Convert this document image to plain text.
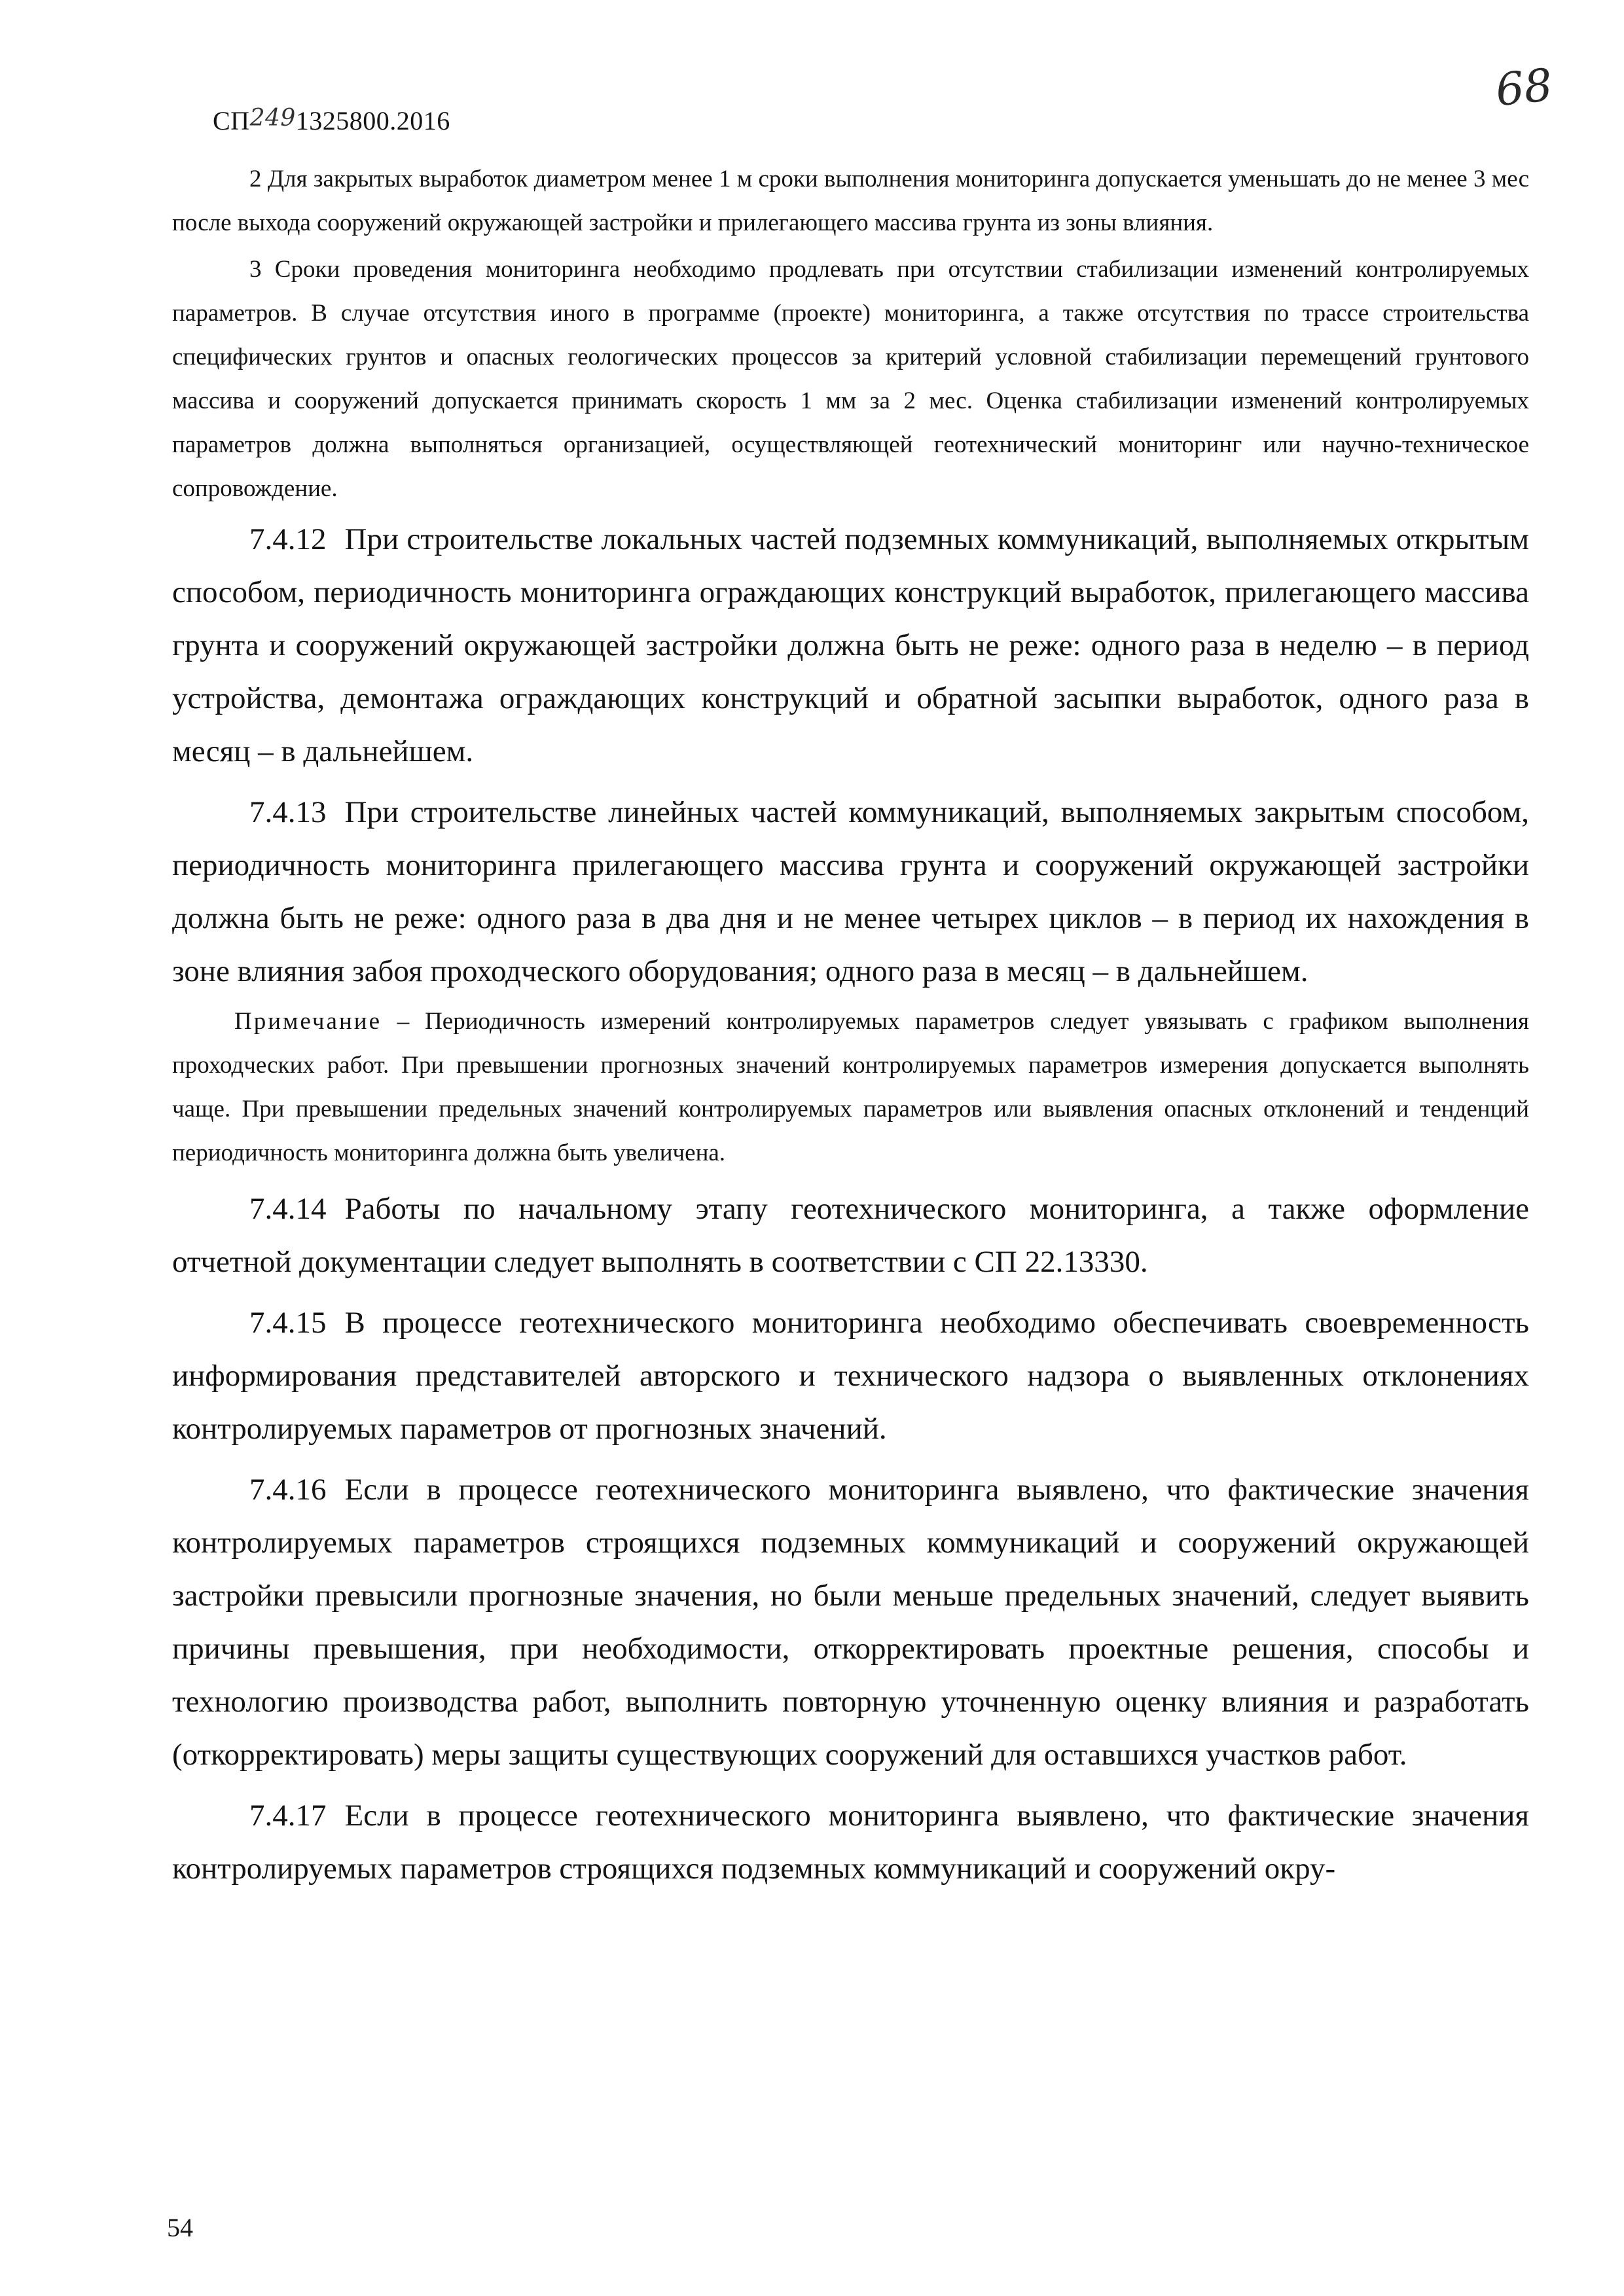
СП2491325800.2016
68

2 Для закрытых выработок диаметром менее 1 м сроки выполнения мониторинга допускается уменьшать до не менее 3 мес после выхода сооружений окружающей застройки и прилегающего массива грунта из зоны влияния.

3 Сроки проведения мониторинга необходимо продлевать при отсутствии стабилизации изменений контролируемых параметров. В случае отсутствия иного в программе (проекте) мониторинга, а также отсутствия по трассе строительства специфических грунтов и опасных геологических процессов за критерий условной стабилизации перемещений грунтового массива и сооружений допускается принимать скорость 1 мм за 2 мес. Оценка стабилизации изменений контролируемых параметров должна выполняться организацией, осуществляющей геотехнический мониторинг или научно-техническое сопровождение.

7.4.12 При строительстве локальных частей подземных коммуникаций, выполняемых открытым способом, периодичность мониторинга ограждающих конструкций выработок, прилегающего массива грунта и сооружений окружающей застройки должна быть не реже: одного раза в неделю – в период устройства, демонтажа ограждающих конструкций и обратной засыпки выработок, одного раза в месяц – в дальнейшем.

7.4.13 При строительстве линейных частей коммуникаций, выполняемых закрытым способом, периодичность мониторинга прилегающего массива грунта и сооружений окружающей застройки должна быть не реже: одного раза в два дня и не менее четырех циклов – в период их нахождения в зоне влияния забоя проходческого оборудования; одного раза в месяц – в дальнейшем.

Примечание – Периодичность измерений контролируемых параметров следует увязывать с графиком выполнения проходческих работ. При превышении прогнозных значений контролируемых параметров измерения допускается выполнять чаще. При превышении предельных значений контролируемых параметров или выявления опасных отклонений и тенденций периодичность мониторинга должна быть увеличена.

7.4.14 Работы по начальному этапу геотехнического мониторинга, а также оформление отчетной документации следует выполнять в соответствии с СП 22.13330.

7.4.15 В процессе геотехнического мониторинга необходимо обеспечивать своевременность информирования представителей авторского и технического надзора о выявленных отклонениях контролируемых параметров от прогнозных значений.

7.4.16 Если в процессе геотехнического мониторинга выявлено, что фактические значения контролируемых параметров строящихся подземных коммуникаций и сооружений окружающей застройки превысили прогнозные значения, но были меньше предельных значений, следует выявить причины превышения, при необходимости, откорректировать проектные решения, способы и технологию производства работ, выполнить повторную уточненную оценку влияния и разработать (откорректировать) меры защиты существующих сооружений для оставшихся участков работ.

7.4.17 Если в процессе геотехнического мониторинга выявлено, что фактические значения контролируемых параметров строящихся подземных коммуникаций и сооружений окру-

54
